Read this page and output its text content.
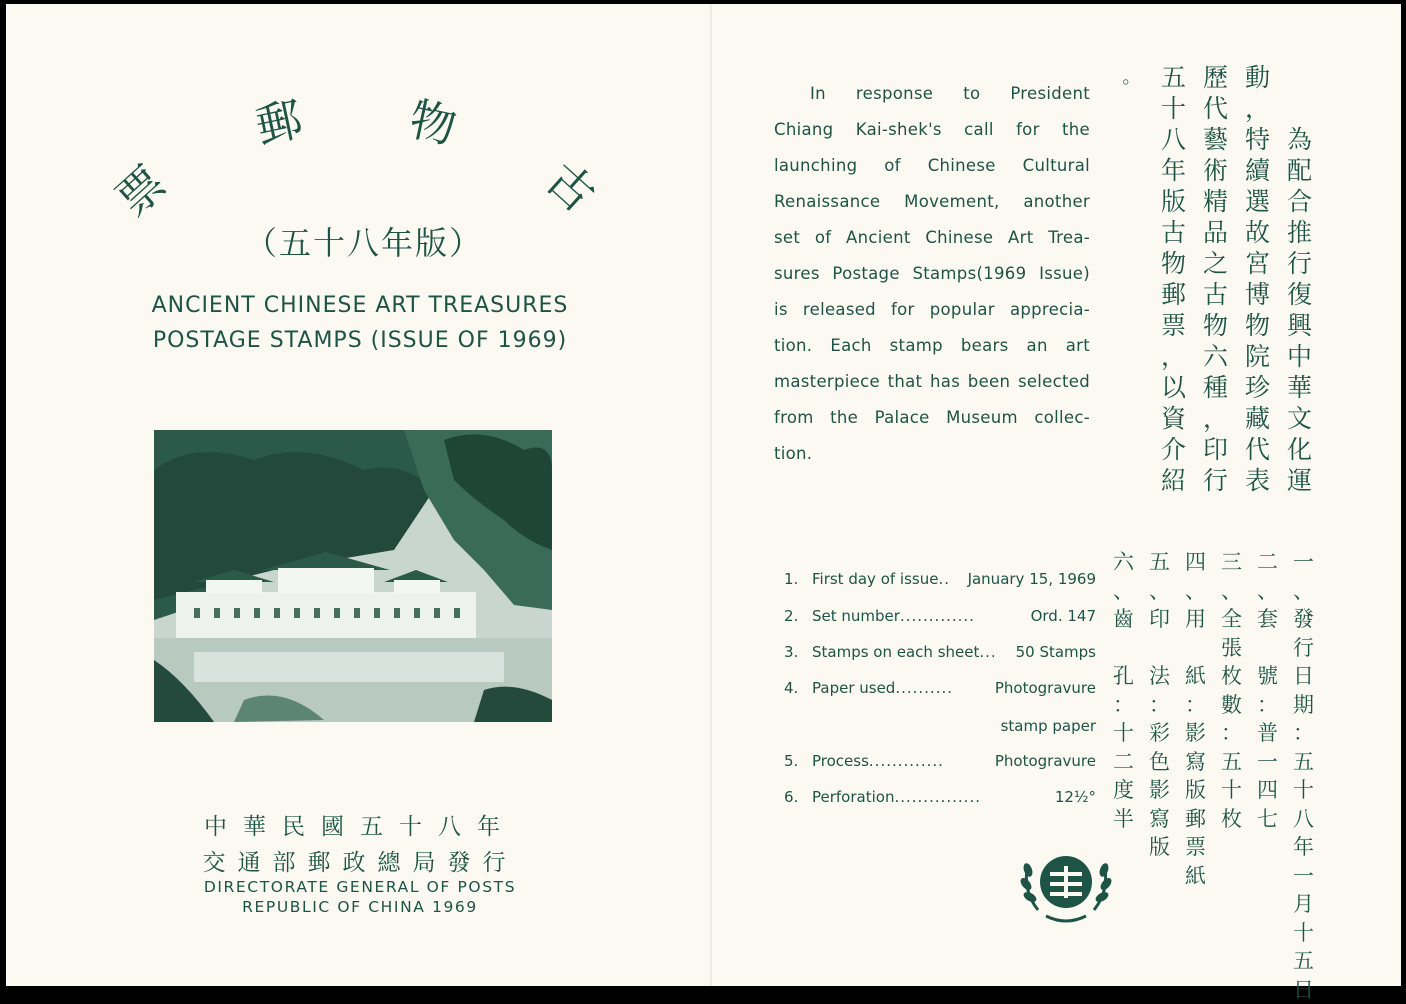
古
物
郵
票
（五十八年版）
ANCIENT CHINESE ART TREASURES
POSTAGE STAMPS (ISSUE OF 1969)
中華民國五十八年
交通部郵政總局發行
DIRECTORATE GENERAL OF POSTS
REPUBLIC OF CHINA 1969
In response to President
Chiang Kai-shek's call for the
launching of Chinese Cultural
Renaissance Movement, another
set of Ancient Chinese Art Trea-
sures Postage Stamps(1969 Issue)
is released for popular apprecia-
tion. Each stamp bears an art
masterpiece that has been selected
from the Palace Museum collec-
tion.
為
配
合
推
行
復
興
中
華
文
化
運
動
，
特
續
選
故
宮
博
物
院
珍
藏
代
表
歷
代
藝
術
精
品
之
古
物
六
種
，
印
行
五
十
八
年
版
古
物
郵
票
，
以
資
介
紹
。
1. First day of issue ..	January 15, 1969
2. Set number .............	Ord. 147
3. Stamps on each sheet ...	50 Stamps
4. Paper used ..........	Photogravure
stamp paper
5. Process .............	Photogravure
6. Perforation ...............	12½°
一
、
發
行
日
期
：
五
十
八
年
一
月
十
五
日
二
、
套

號
：
普
一
四
七
三
、
全
張
枚
數
：
五
十
枚
四
、
用

紙
：
影
寫
版
郵
票
紙
五
、
印

法
：
彩
色
影
寫
版
六
、
齒

孔
：
十
二
度
半
